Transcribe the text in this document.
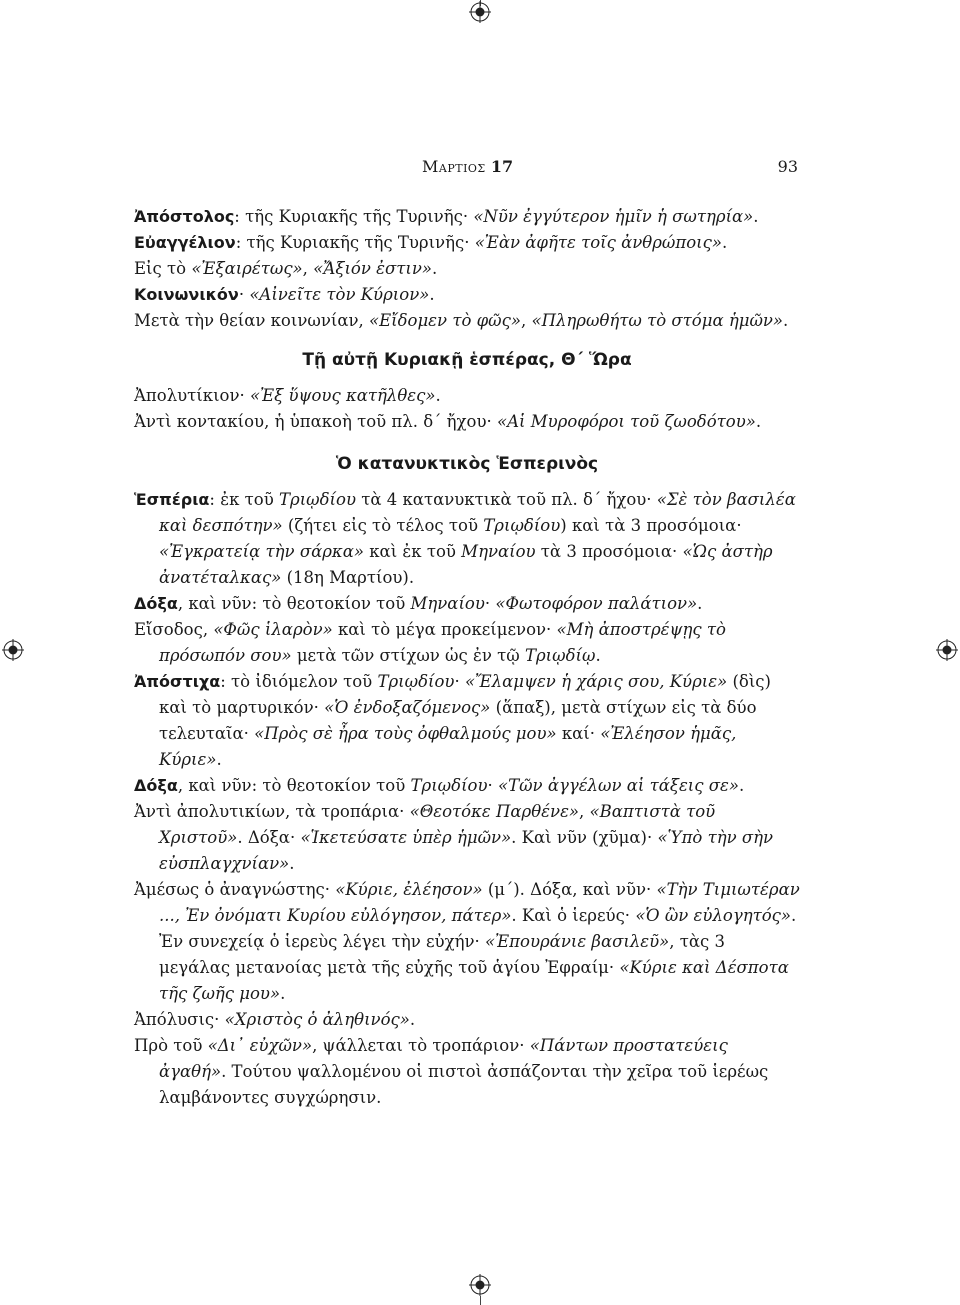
Μαρτιος 17	93

Ἀπόστολος: τῆς Κυριακῆς τῆς Τυρινῆς· «Νῦν ἐγγύτερον ἡμῖν ἡ σωτηρία».

Εὐαγγέλιον: τῆς Κυριακῆς τῆς Τυρινῆς· «Ἐὰν ἀφῆτε τοῖς ἀνθρώποις».

Εἰς τὸ «Ἐξαιρέτως», «Ἄξιόν ἐστιν».

Κοινωνικόν· «Αἰνεῖτε τὸν Κύριον».

Μετὰ τὴν θείαν κοινωνίαν, «Εἴδομεν τὸ φῶς», «Πληρωθήτω τὸ στόμα ἡμῶν».

Τῇ αὐτῇ Κυριακῇ ἑσπέρας, Θ΄ Ὥρα

Ἀπολυτίκιον· «Ἐξ ὕψους κατῆλθες».

Ἀντὶ κοντακίου, ἡ ὑπακοὴ τοῦ πλ. δ΄ ἤχου· «Αἱ Μυροφόροι τοῦ ζωοδότου».

Ὁ κατανυκτικὸς Ἑσπερινὸς

Ἑσπέρια: ἐκ τοῦ Τριῳδίου τὰ 4 κατανυκτικὰ τοῦ πλ. δ΄ ἤχου· «Σὲ τὸν βασιλέα καὶ δεσπότην» (ζήτει εἰς τὸ τέλος τοῦ Τριῳδίου) καὶ τὰ 3 προσόμοια· «Ἐγκρατείᾳ τὴν σάρκα» καὶ ἐκ τοῦ Μηναίου τὰ 3 προσόμοια· «Ὡς ἀστὴρ ἀνατέταλκας» (18η Μαρτίου).

Δόξα, καὶ νῦν: τὸ θεοτοκίον τοῦ Μηναίου· «Φωτοφόρον παλάτιον».

Εἴσοδος, «Φῶς ἱλαρὸν» καὶ τὸ μέγα προκείμενον· «Μὴ ἀποστρέψῃς τὸ πρόσωπόν σου» μετὰ τῶν στίχων ὡς ἐν τῷ Τριῳδίῳ.

Ἀπόστιχα: τὸ ἰδιόμελον τοῦ Τριῳδίου· «Ἔλαμψεν ἡ χάρις σου, Κύριε» (δὶς) καὶ τὸ μαρτυρικόν· «Ὁ ἐνδοξαζόμενος» (ἅπαξ), μετὰ στίχων εἰς τὰ δύο τελευταῖα· «Πρὸς σὲ ἦρα τοὺς ὀφθαλμούς μου» καί· «Ἐλέησον ἡμᾶς, Κύριε».

Δόξα, καὶ νῦν: τὸ θεοτοκίον τοῦ Τριῳδίου· «Τῶν ἀγγέλων αἱ τάξεις σε».

Ἀντὶ ἀπολυτικίων, τὰ τροπάρια· «Θεοτόκε Παρθένε», «Βαπτιστὰ τοῦ Χριστοῦ». Δόξα· «Ἱκετεύσατε ὑπὲρ ἡμῶν». Καὶ νῦν (χῦμα)· «Ὑπὸ τὴν σὴν εὐσπλαγχνίαν».

Ἀμέσως ὁ ἀναγνώστης· «Κύριε, ἐλέησον» (μ΄). Δόξα, καὶ νῦν· «Τὴν Τιμιωτέραν ..., Ἐν ὀνόματι Κυρίου εὐλόγησον, πάτερ». Καὶ ὁ ἱερεύς· «Ὁ ὢν εὐλογητός». Ἐν συνεχείᾳ ὁ ἱερεὺς λέγει τὴν εὐχήν· «Ἐπουράνιε βασιλεῦ», τὰς 3 μεγάλας μετανοίας μετὰ τῆς εὐχῆς τοῦ ἁγίου Ἐφραίμ· «Κύριε καὶ Δέσποτα τῆς ζωῆς μου».

Ἀπόλυσις· «Χριστὸς ὁ ἀληθινός».

Πρὸ τοῦ «Δι᾽ εὐχῶν», ψάλλεται τὸ τροπάριον· «Πάντων προστατεύεις ἀγαθή». Τούτου ψαλλομένου οἱ πιστοὶ ἀσπάζονται τὴν χεῖρα τοῦ ἱερέως λαμβάνοντες συγχώρησιν.
